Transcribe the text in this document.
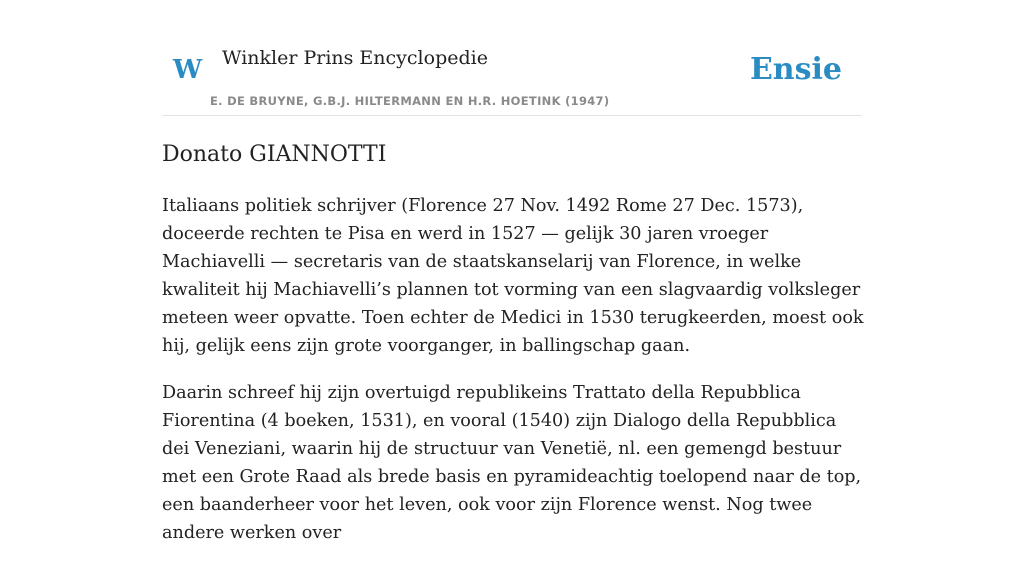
W Winkler Prins Encyclopedie
E. DE BRUYNE, G.B.J. HILTERMANN EN H.R. HOETINK (1947)
Ensie
Donato GIANNOTTI

Italiaans politiek schrijver (Florence 27 Nov. 1492 Rome 27 Dec. 1573), doceerde rechten te Pisa en werd in 1527 — gelijk 30 jaren vroeger Machiavelli — secretaris van de staatskanselarij van Florence, in welke kwaliteit hij Machiavelli’s plannen tot vorming van een slagvaardig volksleger meteen weer opvatte. Toen echter de Medici in 1530 terugkeerden, moest ook hij, gelijk eens zijn grote voorganger, in ballingschap gaan.

Daarin schreef hij zijn overtuigd republikeins Trattato della Repubblica Fiorentina (4 boeken, 1531), en vooral (1540) zijn Dialogo della Repubblica dei Veneziani, waarin hij de structuur van Venetië, nl. een gemengd bestuur met een Grote Raad als brede basis en pyramideachtig toelopend naar de top, een baanderheer voor het leven, ook voor zijn Florence wenst. Nog twee andere werken over
